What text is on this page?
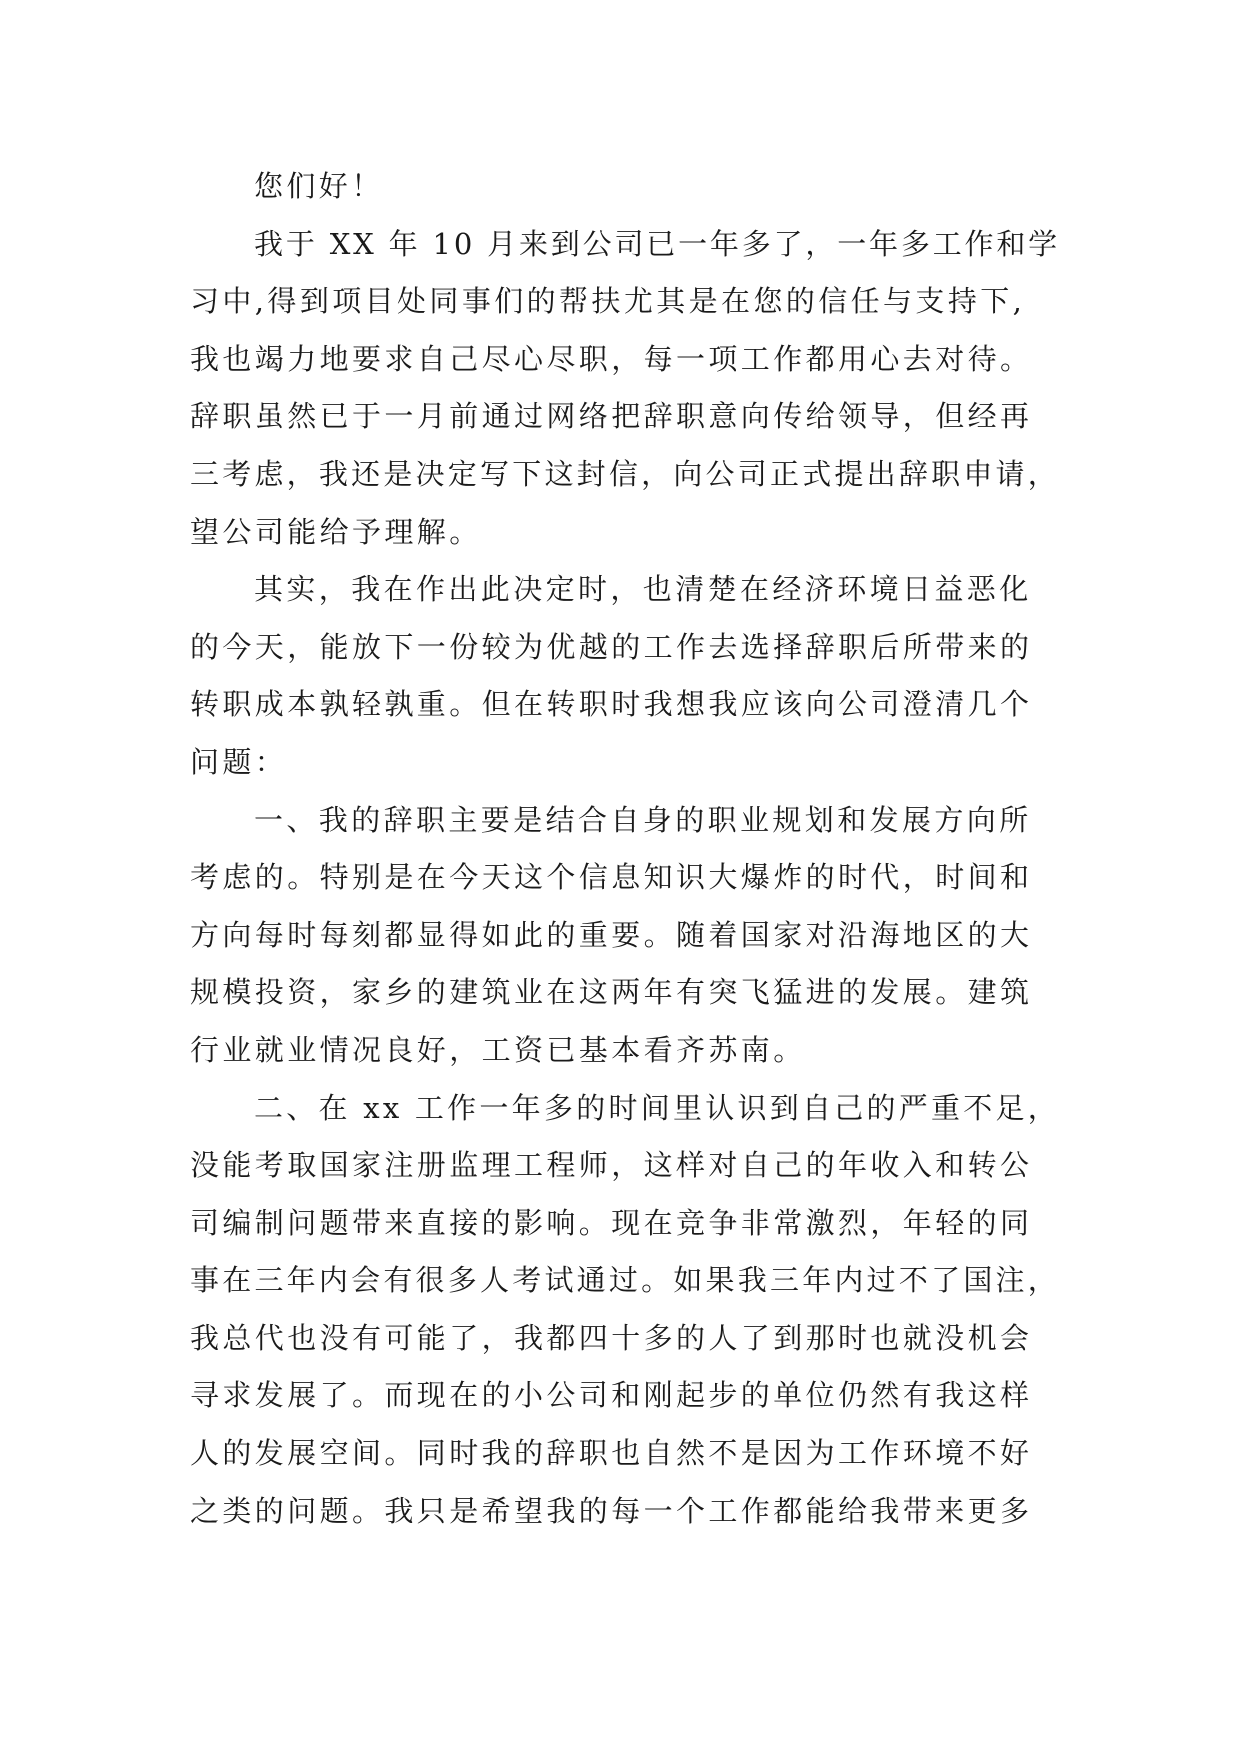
您们好！
我于 XX 年 10 月来到公司已一年多了，一年多工作和学
习中,得到项目处同事们的帮扶尤其是在您的信任与支持下,
我也竭力地要求自己尽心尽职，每一项工作都用心去对待。
辞职虽然已于一月前通过网络把辞职意向传给领导，但经再
三考虑，我还是决定写下这封信，向公司正式提出辞职申请，
望公司能给予理解。
其实，我在作出此决定时，也清楚在经济环境日益恶化
的今天，能放下一份较为优越的工作去选择辞职后所带来的
转职成本孰轻孰重。但在转职时我想我应该向公司澄清几个
问题：
一、我的辞职主要是结合自身的职业规划和发展方向所
考虑的。特别是在今天这个信息知识大爆炸的时代，时间和
方向每时每刻都显得如此的重要。随着国家对沿海地区的大
规模投资，家乡的建筑业在这两年有突飞猛进的发展。建筑
行业就业情况良好，工资已基本看齐苏南。
二、在 xx 工作一年多的时间里认识到自己的严重不足，
没能考取国家注册监理工程师，这样对自己的年收入和转公
司编制问题带来直接的影响。现在竞争非常激烈，年轻的同
事在三年内会有很多人考试通过。如果我三年内过不了国注，
我总代也没有可能了，我都四十多的人了到那时也就没机会
寻求发展了。而现在的小公司和刚起步的单位仍然有我这样
人的发展空间。同时我的辞职也自然不是因为工作环境不好
之类的问题。我只是希望我的每一个工作都能给我带来更多
